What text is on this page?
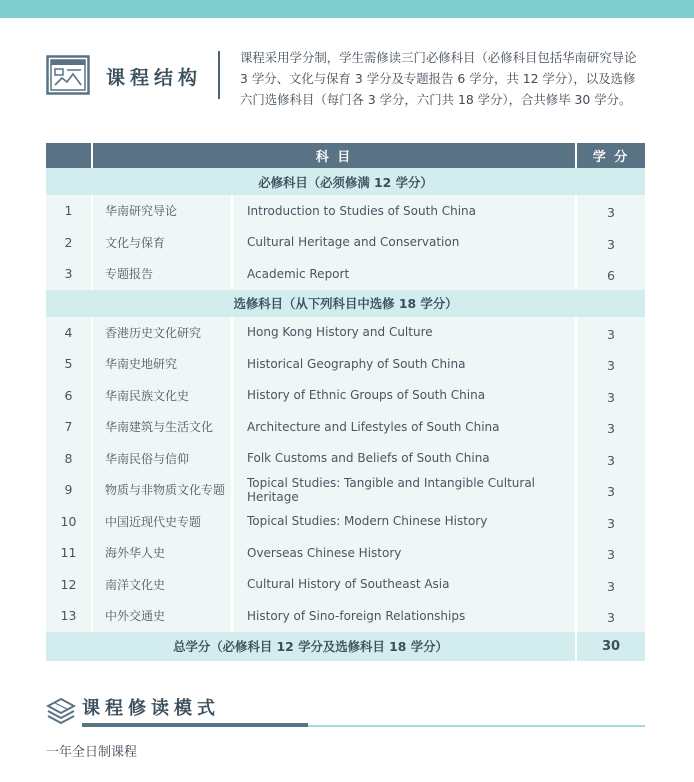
课程结构
课程采用学分制，学生需修读三门必修科目（必修科目包括华南研究导论 3 学分、文化与保育 3 学分及专题报告 6 学分，共 12 学分），以及选修六门选修科目（每门各 3 学分，六门共 18 学分），合共修毕 30 学分。
	科 目		学 分
必修科目（必须修满 12 学分）			
1	华南研究导论	Introduction to Studies of South China	3
2	文化与保育	Cultural Heritage and Conservation	3
3	专题报告	Academic Report	6
选修科目（从下列科目中选修 18 学分）			
4	香港历史文化研究	Hong Kong History and Culture	3
5	华南史地研究	Historical Geography of South China	3
6	华南民族文化史	History of Ethnic Groups of South China	3
7	华南建筑与生活文化	Architecture and Lifestyles of South China	3
8	华南民俗与信仰	Folk Customs and Beliefs of South China	3
9	物质与非物质文化专题	Topical Studies: Tangible and Intangible Cultural Heritage	3
10	中国近现代史专题	Topical Studies: Modern Chinese History	3
11	海外华人史	Overseas Chinese History	3
12	南洋文化史	Cultural History of Southeast Asia	3
13	中外交通史	History of Sino-foreign Relationships	3
总学分（必修科目 12 学分及选修科目 18 学分）			30
课程修读模式
一年全日制课程
